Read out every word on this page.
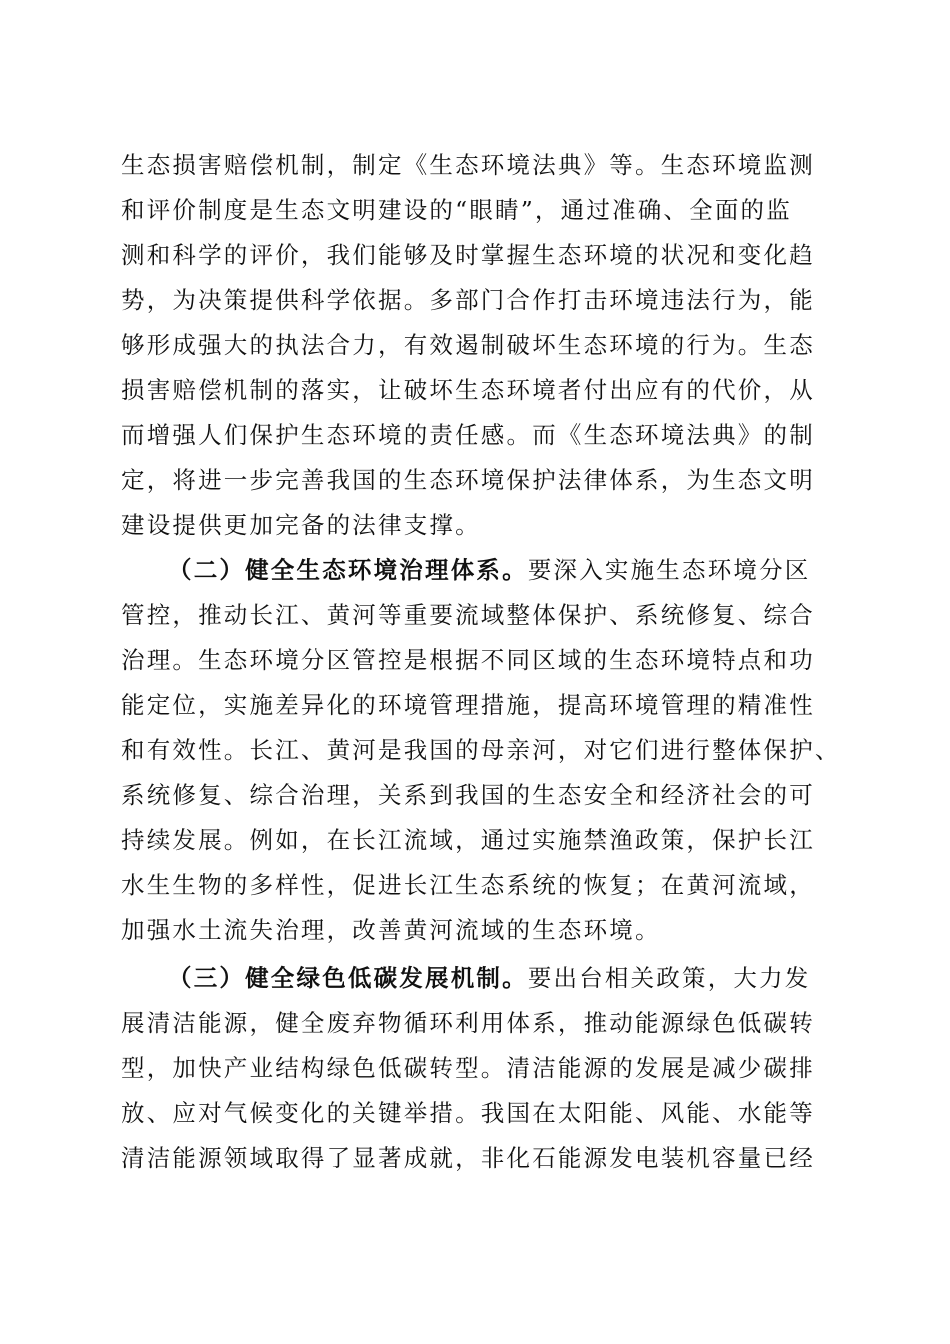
生态损害赔偿机制，制定《生态环境法典》等。生态环境监测
和评价制度是生态文明建设的“眼睛”，通过准确、全面的监
测和科学的评价，我们能够及时掌握生态环境的状况和变化趋
势，为决策提供科学依据。多部门合作打击环境违法行为，能
够形成强大的执法合力，有效遏制破坏生态环境的行为。生态
损害赔偿机制的落实，让破坏生态环境者付出应有的代价，从
而增强人们保护生态环境的责任感。而《生态环境法典》的制
定，将进一步完善我国的生态环境保护法律体系，为生态文明
建设提供更加完备的法律支撑。
（二）健全生态环境治理体系。要深入实施生态环境分区
管控，推动长江、黄河等重要流域整体保护、系统修复、综合
治理。生态环境分区管控是根据不同区域的生态环境特点和功
能定位，实施差异化的环境管理措施，提高环境管理的精准性
和有效性。长江、黄河是我国的母亲河，对它们进行整体保护、
系统修复、综合治理，关系到我国的生态安全和经济社会的可
持续发展。例如，在长江流域，通过实施禁渔政策，保护长江
水生生物的多样性，促进长江生态系统的恢复；在黄河流域，
加强水土流失治理，改善黄河流域的生态环境。
（三）健全绿色低碳发展机制。要出台相关政策，大力发
展清洁能源，健全废弃物循环利用体系，推动能源绿色低碳转
型，加快产业结构绿色低碳转型。清洁能源的发展是减少碳排
放、应对气候变化的关键举措。我国在太阳能、风能、水能等
清洁能源领域取得了显著成就，非化石能源发电装机容量已经
